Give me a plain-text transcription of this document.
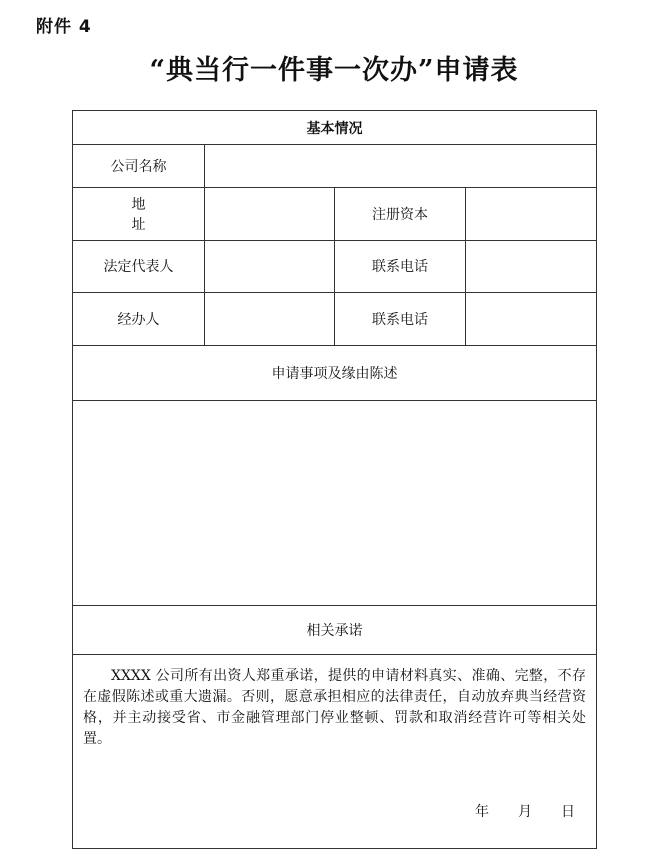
附件 4
“典当行一件事一次办”申请表
基本情况
公司名称
地 址
注册资本
法定代表人	联系电话
经办人	联系电话
申请事项及缘由陈述
相关承诺
XXXX 公司所有出资人郑重承诺，提供的申请材料真实、准确、完整，不存在虚假陈述或重大遗漏。否则，愿意承担相应的法律责任，自动放弃典当经营资格，并主动接受省、市金融管理部门停业整顿、罚款和取消经营许可等相关处置。
年 月 日
